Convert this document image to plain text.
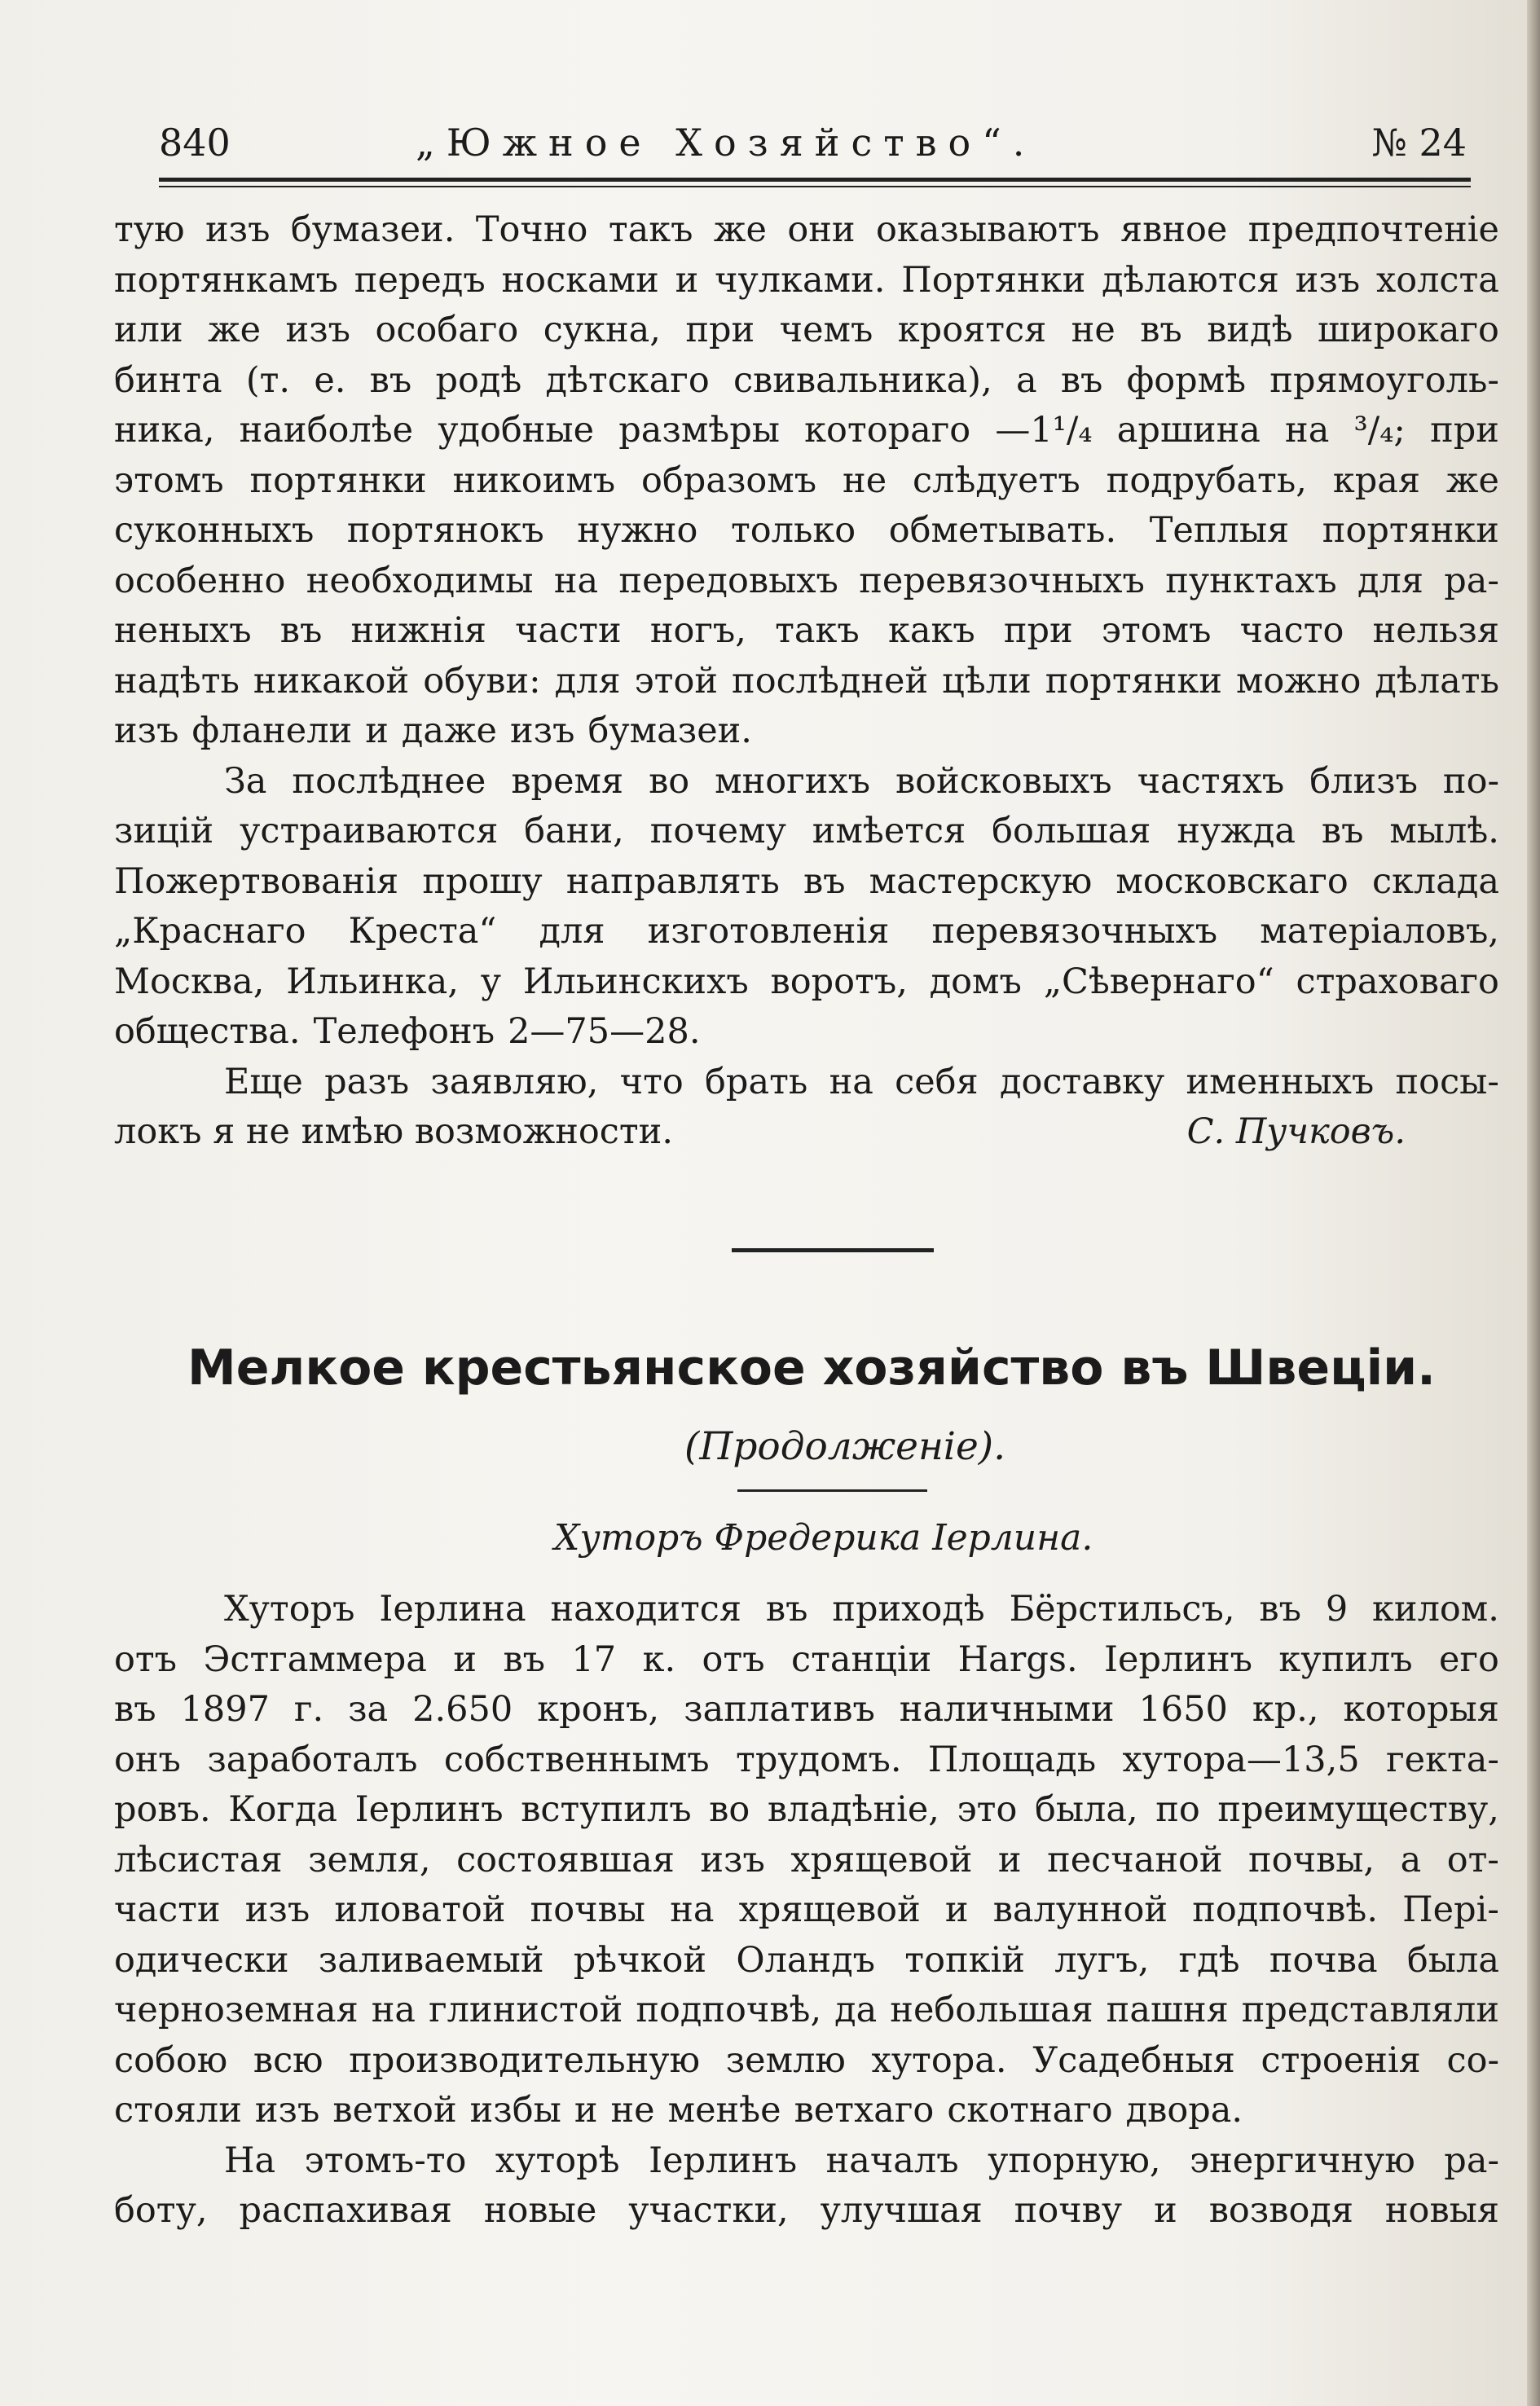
840	„Южное Хозяйство“.	№ 24
тую изъ бумазеи. Точно такъ же они оказываютъ явное предпочтеніе
портянкамъ передъ носками и чулками. Портянки дѣлаются изъ холста
или же изъ особаго сукна, при чемъ кроятся не въ видѣ широкаго
бинта (т. е. въ родѣ дѣтскаго свивальника), а въ формѣ прямоуголь-
ника, наиболѣе удобные размѣры котораго —1¹/₄ аршина на ³/₄; при
этомъ портянки никоимъ образомъ не слѣдуетъ подрубать, края же
суконныхъ портянокъ нужно только обметывать. Теплыя портянки
особенно необходимы на передовыхъ перевязочныхъ пунктахъ для ра-
неныхъ въ нижнія части ногъ, такъ какъ при этомъ часто нельзя
надѣть никакой обуви: для этой послѣдней цѣли портянки можно дѣлать
изъ фланели и даже изъ бумазеи.
За послѣднее время во многихъ войсковыхъ частяхъ близъ по-
зицій устраиваются бани, почему имѣется большая нужда въ мылѣ.
Пожертвованія прошу направлять въ мастерскую московскаго склада
„Краснаго Креста“ для изготовленія перевязочныхъ матеріаловъ,
Москва, Ильинка, у Ильинскихъ воротъ, домъ „Сѣвернаго“ страховаго
общества. Телефонъ 2—75—28.
Еще разъ заявляю, что брать на себя доставку именныхъ посы-
локъ я не имѣю возможности.	С. Пучковъ.
Мелкое крестьянское хозяйство въ Швеціи.
(Продолженіе).
Хуторъ Фредерика Іерлина.
Хуторъ Іерлина находится въ приходѣ Бёрстильсъ, въ 9 килом.
отъ Эстгаммера и въ 17 к. отъ станціи Hargs. Іерлинъ купилъ его
въ 1897 г. за 2.650 кронъ, заплативъ наличными 1650 кр., которыя
онъ заработалъ собственнымъ трудомъ. Площадь хутора—13,5 гекта-
ровъ. Когда Іерлинъ вступилъ во владѣніе, это была, по преимуществу,
лѣсистая земля, состоявшая изъ хрящевой и песчаной почвы, а от-
части изъ иловатой почвы на хрящевой и валунной подпочвѣ. Пері-
одически заливаемый рѣчкой Оландъ топкій лугъ, гдѣ почва была
черноземная на глинистой подпочвѣ, да небольшая пашня представляли
собою всю производительную землю хутора. Усадебныя строенія со-
стояли изъ ветхой избы и не менѣе ветхаго скотнаго двора.
На этомъ-то хуторѣ Іерлинъ началъ упорную, энергичную ра-
боту, распахивая новые участки, улучшая почву и возводя новыя
